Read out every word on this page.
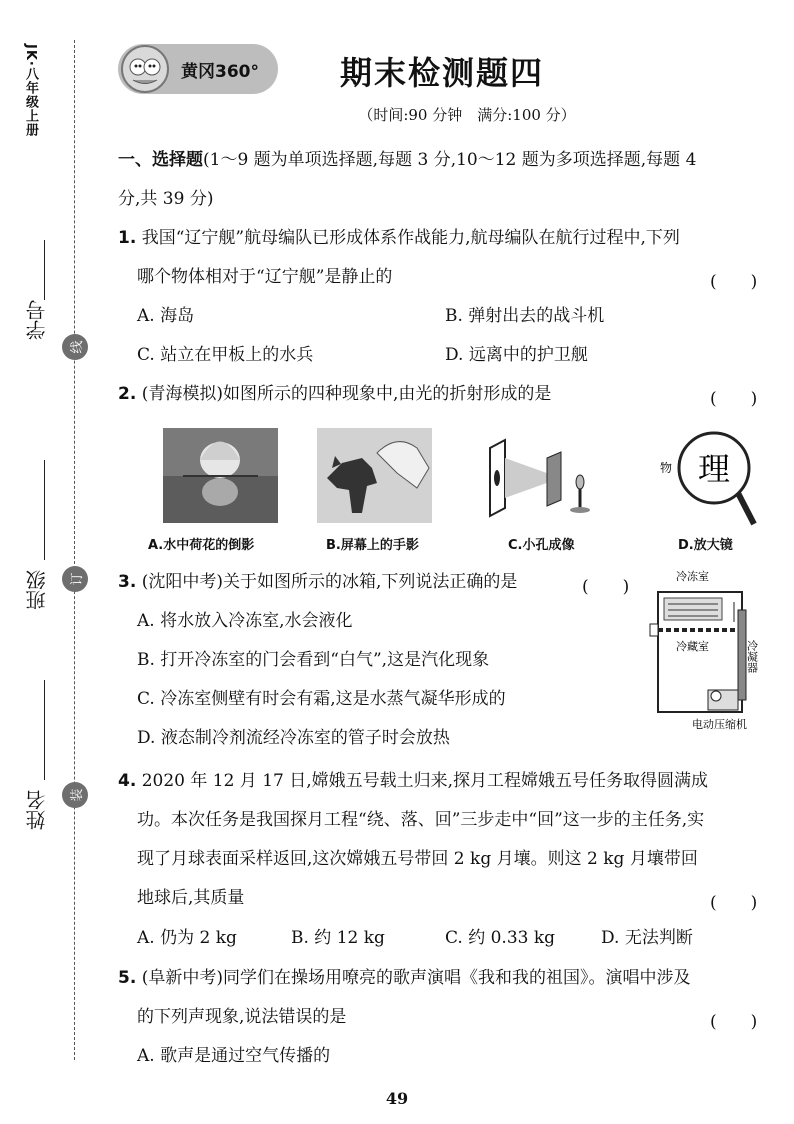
JK·八年级上册
学号
班级
姓名
线
订
装
黄冈360°	期末检测题四
（时间:90 分钟　满分:100 分）
一、选择题(1～9 题为单项选择题,每题 3 分,10～12 题为多项选择题,每题 4
分,共 39 分)
1. 我国“辽宁舰”航母编队已形成体系作战能力,航母编队在航行过程中,下列
哪个物体相对于“辽宁舰”是静止的	(　　)
A. 海岛	B. 弹射出去的战斗机
C. 站立在甲板上的水兵	D. 远离中的护卫舰
2. (青海模拟)如图所示的四种现象中,由光的折射形成的是	(　　)
理
物
A.水中荷花的倒影	B.屏幕上的手影	C.小孔成像	D.放大镜
3. (沈阳中考)关于如图所示的冰箱,下列说法正确的是	(　　)
A. 将水放入冷冻室,水会液化
B. 打开冷冻室的门会看到“白气”,这是汽化现象
C. 冷冻室侧壁有时会有霜,这是水蒸气凝华形成的
D. 液态制冷剂流经冷冻室的管子时会放热
冷冻室
冷藏室	冷凝器
电动压缩机
4. 2020 年 12 月 17 日,嫦娥五号载土归来,探月工程嫦娥五号任务取得圆满成
功。本次任务是我国探月工程“绕、落、回”三步走中“回”这一步的主任务,实
现了月球表面采样返回,这次嫦娥五号带回 2 kg 月壤。则这 2 kg 月壤带回
地球后,其质量	(　　)
A. 仍为 2 kg	B. 约 12 kg	C. 约 0.33 kg	D. 无法判断
5. (阜新中考)同学们在操场用嘹亮的歌声演唱《我和我的祖国》。演唱中涉及
的下列声现象,说法错误的是	(　　)
A. 歌声是通过空气传播的
49
